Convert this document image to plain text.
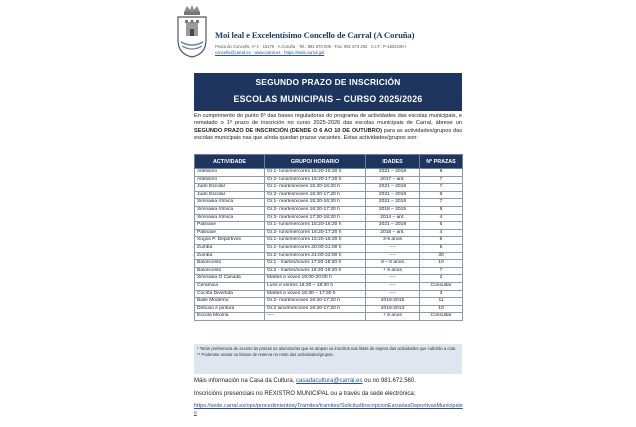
Moi leal e Excelentísimo Concello de Carral (A Coruña)
Praza do Concello, nº 1 · 15175 · A Coruña · Tel.: 981 670 006 · Fax: 981 673 292 · C.I.F.: P-1502100-I
concello@carral.es · www.carral.es · https://sede.carral.gal
SEGUNDO PRAZO DE INSCRICIÓN
ESCOLAS MUNICIPAIS – CURSO 2025/2026
En cumprimento do punto 6º das bases reguladoras do programa de actividades das escolas municipais, e rematado o 1º prazo de inscrición no curso 2025-2026 das escolas municipais de Carral, ábrese un SEGUNDO PRAZO DE INSCRICIÓN (DENDE O 6 AO 10 DE OUTUBRO) para as actividades/grupos das escolas municipais nas que aínda quedan prazas vacantes. Estas actividades/grupos son:
ACTIVIDADE	GRUPO/ HORARIO	IDADES	Nº PRAZAS
Atletismo	Gr.1- luns/mércores 15:20-16:20 h	2021 – 2019	6
Atletismo	Gr.2- luns/mércores 16:20-17:20 h	2017 – ant.	7
Judo Escolar	Gr.1- martes/xoves 15:20-16:20 h	2021 – 2019	7
Judo Escolar	Gr.2- martes/xoves 16:20-17:20 h	2021 – 2019	6
Ximnasia rítmica	Gr.1- martes/xoves 15:20-16:20 h	2021 – 2019	7
Ximnasia rítmica	Gr.2- martes/xoves 16:20-17:20 h	2018 – 2015	6
Ximnasia rítmica	Gr.3- martes/xoves 17:20-18:20 h	2014 – ant.	4
Patinaxe	Gr.1- luns/mércores 15:20-16:20 h	2021 – 2019	6
Patinaxe	Gr.2- luns/mércores 16:20-17:20 h	2018 – ant.	4
Xogos P. Deportivos	Gr.1- luns/mércores 15:20-16:20 h	3-5 anos	6
Zumba	Gr.1- luns/mércores 20:00-21:00 h	----	5
Zumba	Gr.2- luns/mércores 21:00-22:00 h	----	30
Baloncesto	Gr.1 - martes/xoves 17:20-18:20 h	8 – 6 anos	10
Baloncesto	Gr.2 - martes/xoves 18:20-19:20 h	+ 9 anos	7
Ximnasia O Canadá	Martes e xoves 19:00-20:00 h	----	2
Cerámica	Luns e venres 16:30 – 18:30 h	----	Consultar
Cociña Divertida	Martes e xoves 16:30 – 17:30 h	----	3
Baile Moderno	Gr.2- martes/xoves 16:20-17:20 h	2016-2015	11
Debuxo e pintura	Gr.2 luns/mércores 16:20-17:20 h	2016-2013	10
Escola Mixima	----	+ 6 anos	Consultar
* Terán preferencia de acceso ás prazas os alumnos/as que se atopan xa inscritos nas listas de espera das actividades que cubrirán a cota
** Poderase anotar na listaxe de reserva no resto das actividades/grupos.
Máis información na Casa da Cultura, casadacultura@carral.es ou no 981.672.560.
Inscricións presenciais no REXISTRO MUNICIPAL ou a través da sede electrónica:
https://sede.carral.es/opx/procedimientosyTramites/tramites/SolicitudInscripcionEscuelasDeportivasMunicipales
